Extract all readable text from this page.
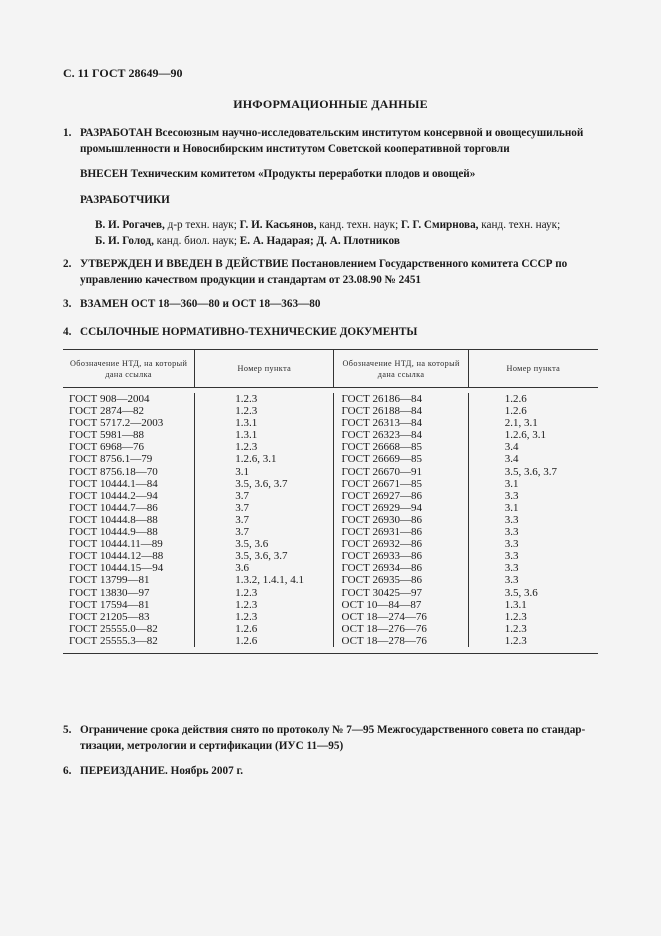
С. 11 ГОСТ 28649—90
ИНФОРМАЦИОННЫЕ ДАННЫЕ
1. РАЗРАБОТАН Всесоюзным научно-исследовательским институтом консервной и овощесушильной
промышленности и Новосибирским институтом Советской кооперативной торговли
ВНЕСЕН Техническим комитетом «Продукты переработки плодов и овощей»
РАЗРАБОТЧИКИ
В. И. Рогачев, д-р техн. наук; Г. И. Касьянов, канд. техн. наук; Г. Г. Смирнова, канд. техн. наук;
Б. И. Голод, канд. биол. наук; Е. А. Надарая; Д. А. Плотников
2. УТВЕРЖДЕН И ВВЕДЕН В ДЕЙСТВИЕ Постановлением Государственного комитета СССР по
управлению качеством продукции и стандартам от 23.08.90 № 2451
3. ВЗАМЕН ОСТ 18—360—80 и ОСТ 18—363—80
4. ССЫЛОЧНЫЕ НОРМАТИВНО-ТЕХНИЧЕСКИЕ ДОКУМЕНТЫ
Обозначение НТД, на который дана ссылка
Номер пункта
Обозначение НТД, на который дана ссылка
Номер пункта
ГОСТ 908—2004
ГОСТ 2874—82
ГОСТ 5717.2—2003
ГОСТ 5981—88
ГОСТ 6968—76
ГОСТ 8756.1—79
ГОСТ 8756.18—70
ГОСТ 10444.1—84
ГОСТ 10444.2—94
ГОСТ 10444.7—86
ГОСТ 10444.8—88
ГОСТ 10444.9—88
ГОСТ 10444.11—89
ГОСТ 10444.12—88
ГОСТ 10444.15—94
ГОСТ 13799—81
ГОСТ 13830—97
ГОСТ 17594—81
ГОСТ 21205—83
ГОСТ 25555.0—82
ГОСТ 25555.3—82
1.2.3
1.2.3
1.3.1
1.3.1
1.2.3
1.2.6, 3.1
3.1
3.5, 3.6, 3.7
3.7
3.7
3.7
3.7
3.5, 3.6
3.5, 3.6, 3.7
3.6
1.3.2, 1.4.1, 4.1
1.2.3
1.2.3
1.2.3
1.2.6
1.2.6
ГОСТ 26186—84
ГОСТ 26188—84
ГОСТ 26313—84
ГОСТ 26323—84
ГОСТ 26668—85
ГОСТ 26669—85
ГОСТ 26670—91
ГОСТ 26671—85
ГОСТ 26927—86
ГОСТ 26929—94
ГОСТ 26930—86
ГОСТ 26931—86
ГОСТ 26932—86
ГОСТ 26933—86
ГОСТ 26934—86
ГОСТ 26935—86
ГОСТ 30425—97
ОСТ 10—84—87
ОСТ 18—274—76
ОСТ 18—276—76
ОСТ 18—278—76
1.2.6
1.2.6
2.1, 3.1
1.2.6, 3.1
3.4
3.4
3.5, 3.6, 3.7
3.1
3.3
3.1
3.3
3.3
3.3
3.3
3.3
3.3
3.5, 3.6
1.3.1
1.2.3
1.2.3
1.2.3
5. Ограничение срока действия снято по протоколу № 7—95 Межгосударственного совета по стандар-
тизации, метрологии и сертификации (ИУС 11—95)
6. ПЕРЕИЗДАНИЕ. Ноябрь 2007 г.
